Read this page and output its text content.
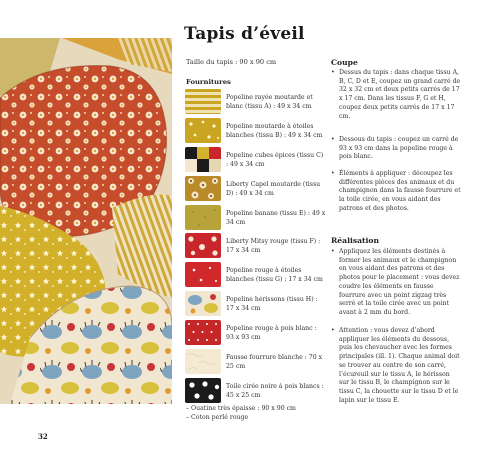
Tapis d’éveil
Taille du tapis : 90 x 90 cm
Fournitures
Popeline rayée moutarde et blanc (tissu A) : 49 x 34 cm
Popeline moutarde à étoiles blanches (tissu B) : 49 x 34 cm
Popeline cubes épices (tissu C) : 49 x 34 cm
Liberty Capel moutarde (tissu D) : 49 x 34 cm
Popeline banane (tissu E) : 49 x 34 cm
Liberty Mitsy rouge (tissu F) : 17 x 34 cm
Popeline rouge à étoiles blanches (tissu G) : 17 x 34 cm
Popeline hérissons (tissu H) : 17 x 34 cm
Popeline rouge à pois blanc : 93 x 93 cm
Fausse fourrure blanche : 70 x 25 cm
Toile cirée noire à pois blancs : 45 x 25 cm
– Ouatine très épaisse : 90 x 90 cm
– Coton perlé rouge
Coupe
• Dessus du tapis : dans chaque tissu A, B, C, D et E, coupez un grand carré de 32 x 32 cm et deux petits carrés de 17 x 17 cm. Dans les tissus F, G et H, coupez deux petits carrés de 17 x 17 cm.
• Dessous du tapis : coupez un carré de 93 x 93 cm dans la popeline rouge à pois blanc.
• Éléments à appliquer : découpez les différentes pièces des animaux et du champignon dans la fausse fourrure et la toile cirée, en vous aidant des patrons et des photos.
Réalisation
• Appliquez les éléments destinés à former les animaux et le champignon en vous aidant des patrons et des photos pour le placement : vous devez coudre les éléments en fausse fourrure avec un point zigzag très serré et la toile cirée avec un point avant à 2 mm du bord.
• Attention : vous devez d’abord appliquer les éléments du dessous, puis les chevaucher avec les formes principales (ill. 1). Chaque animal doit se trouver au centre de son carré, l’écureuil sur le tissu A, le hérisson sur le tissu B, le champignon sur le tissu C, la chouette sur le tissu D et le lapin sur le tissu E.
32
